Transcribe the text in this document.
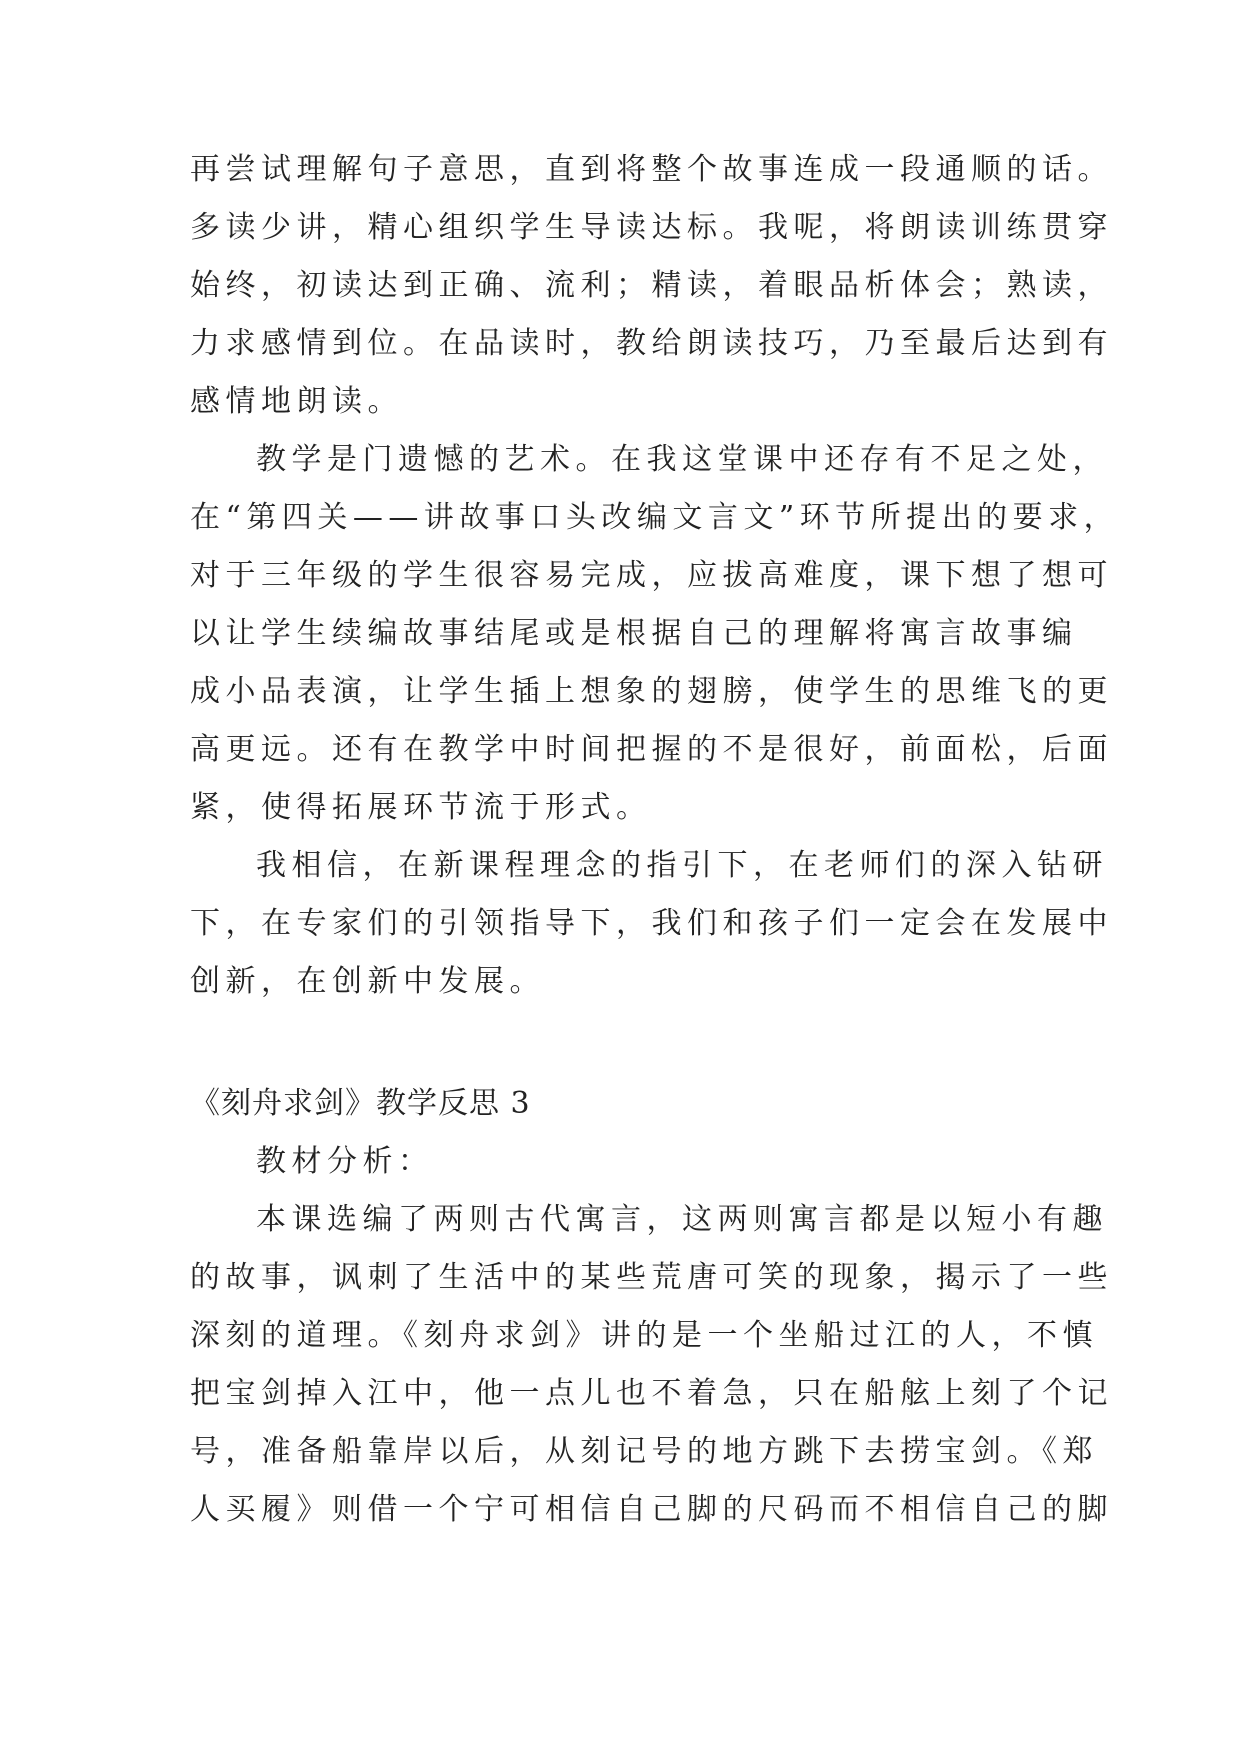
再尝试理解句子意思，直到将整个故事连成一段通顺的话。
多读少讲，精心组织学生导读达标。我呢，将朗读训练贯穿
始终，初读达到正确、流利；精读，着眼品析体会；熟读，
力求感情到位。在品读时，教给朗读技巧，乃至最后达到有
感情地朗读。
教学是门遗憾的艺术。在我这堂课中还存有不足之处，
在“第四关——讲故事口头改编文言文”环节所提出的要求，
对于三年级的学生很容易完成，应拔高难度，课下想了想可
以让学生续编故事结尾或是根据自己的理解将寓言故事编
成小品表演，让学生插上想象的翅膀，使学生的思维飞的更
高更远。还有在教学中时间把握的不是很好，前面松，后面
紧，使得拓展环节流于形式。
我相信，在新课程理念的指引下，在老师们的深入钻研
下，在专家们的引领指导下，我们和孩子们一定会在发展中
创新，在创新中发展。
《刻舟求剑》教学反思 3
教材分析：
本课选编了两则古代寓言，这两则寓言都是以短小有趣
的故事，讽刺了生活中的某些荒唐可笑的现象，揭示了一些
深刻的道理。《刻舟求剑》讲的是一个坐船过江的人，不慎
把宝剑掉入江中，他一点儿也不着急，只在船舷上刻了个记
号，准备船靠岸以后，从刻记号的地方跳下去捞宝剑。《郑
人买履》则借一个宁可相信自己脚的尺码而不相信自己的脚
